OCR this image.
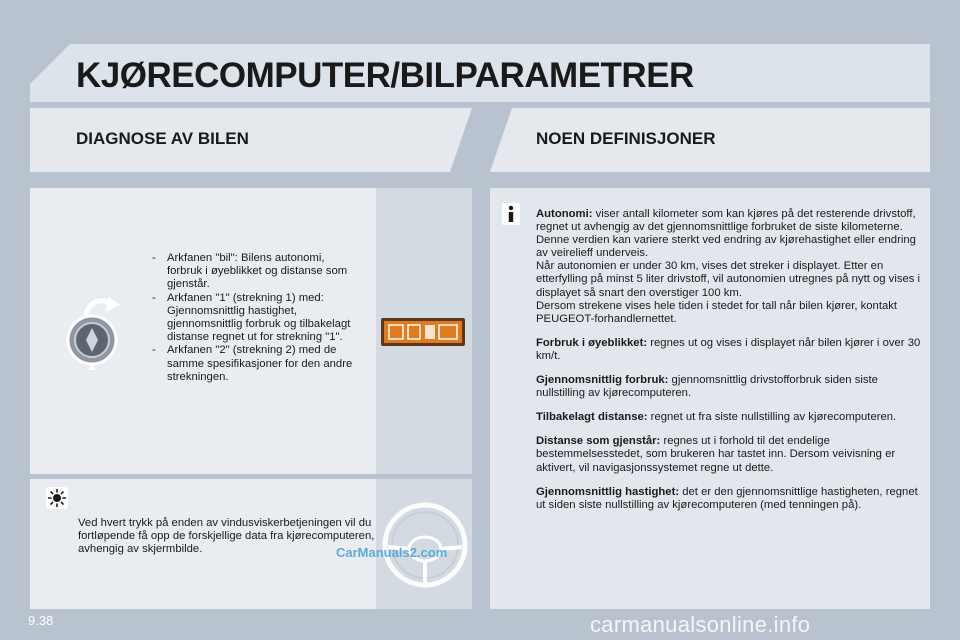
KJØRECOMPUTER/BILPARAMETRER
DIAGNOSE AV BILEN	NOEN DEFINISJONER
- Arkfanen "bil": Bilens autonomi, forbruk i øyeblikket og distanse som gjenstår.
- Arkfanen "1" (strekning 1) med: Gjennomsnittlig hastighet, gjennomsnittlig forbruk og tilbakelagt distanse regnet ut for strekning "1".
- Arkfanen "2" (strekning 2) med de samme spesifikasjoner for den andre strekningen.
Ved hvert trykk på enden av vindusviskerbetjeningen vil du fortløpende få opp de forskjellige data fra kjørecomputeren, avhengig av skjermbilde.

Autonomi: viser antall kilometer som kan kjøres på det resterende drivstoff, regnet ut avhengig av det gjennomsnittlige forbruket de siste kilometerne.
Denne verdien kan variere sterkt ved endring av kjørehastighet eller endring av veirelieff underveis.
Når autonomien er under 30 km, vises det streker i displayet. Etter en etterfylling på minst 5 liter drivstoff, vil autonomien utregnes på nytt og vises i displayet så snart den overstiger 100 km.
Dersom strekene vises hele tiden i stedet for tall når bilen kjører, kontakt PEUGEOT-forhandlernettet.

Forbruk i øyeblikket: regnes ut og vises i displayet når bilen kjører i over 30 km/t.

Gjennomsnittlig forbruk: gjennomsnittlig drivstofforbruk siden siste nullstilling av kjørecomputeren.

Tilbakelagt distanse: regnet ut fra siste nullstilling av kjørecomputeren.

Distanse som gjenstår: regnes ut i forhold til det endelige bestemmelsesstedet, som brukeren har tastet inn. Dersom veivisning er aktivert, vil navigasjonssystemet regne ut dette.

Gjennomsnittlig hastighet: det er den gjennomsnittlige hastigheten, regnet ut siden siste nullstilling av kjørecomputeren (med tenningen på).

CarManuals2.com
9.38	carmanualsonline.info
